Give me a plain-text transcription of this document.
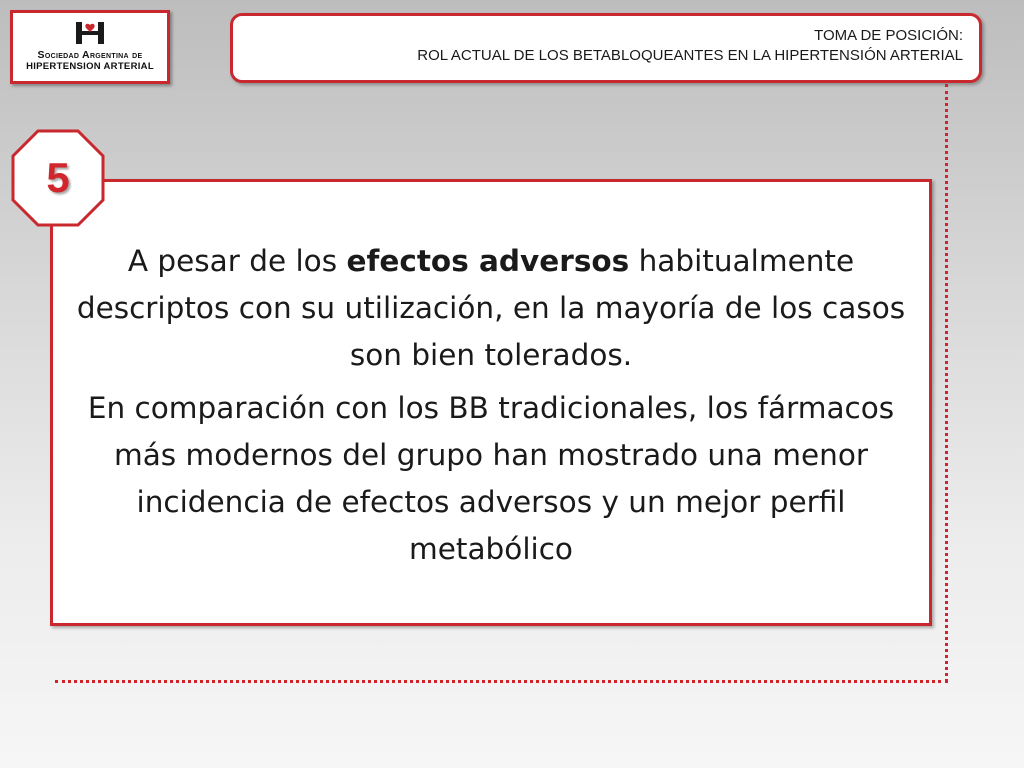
Sociedad Argentina de
HIPERTENSION ARTERIAL
TOMA DE POSICIÓN:
ROL ACTUAL DE LOS BETABLOQUEANTES EN LA HIPERTENSIÓN ARTERIAL

A pesar de los efectos adversos habitualmente descriptos con su utilización, en la mayoría de los casos son bien tolerados.

En comparación con los BB tradicionales, los fármacos más modernos del grupo han mostrado una menor incidencia de efectos adversos y un mejor perfil metabólico

5
